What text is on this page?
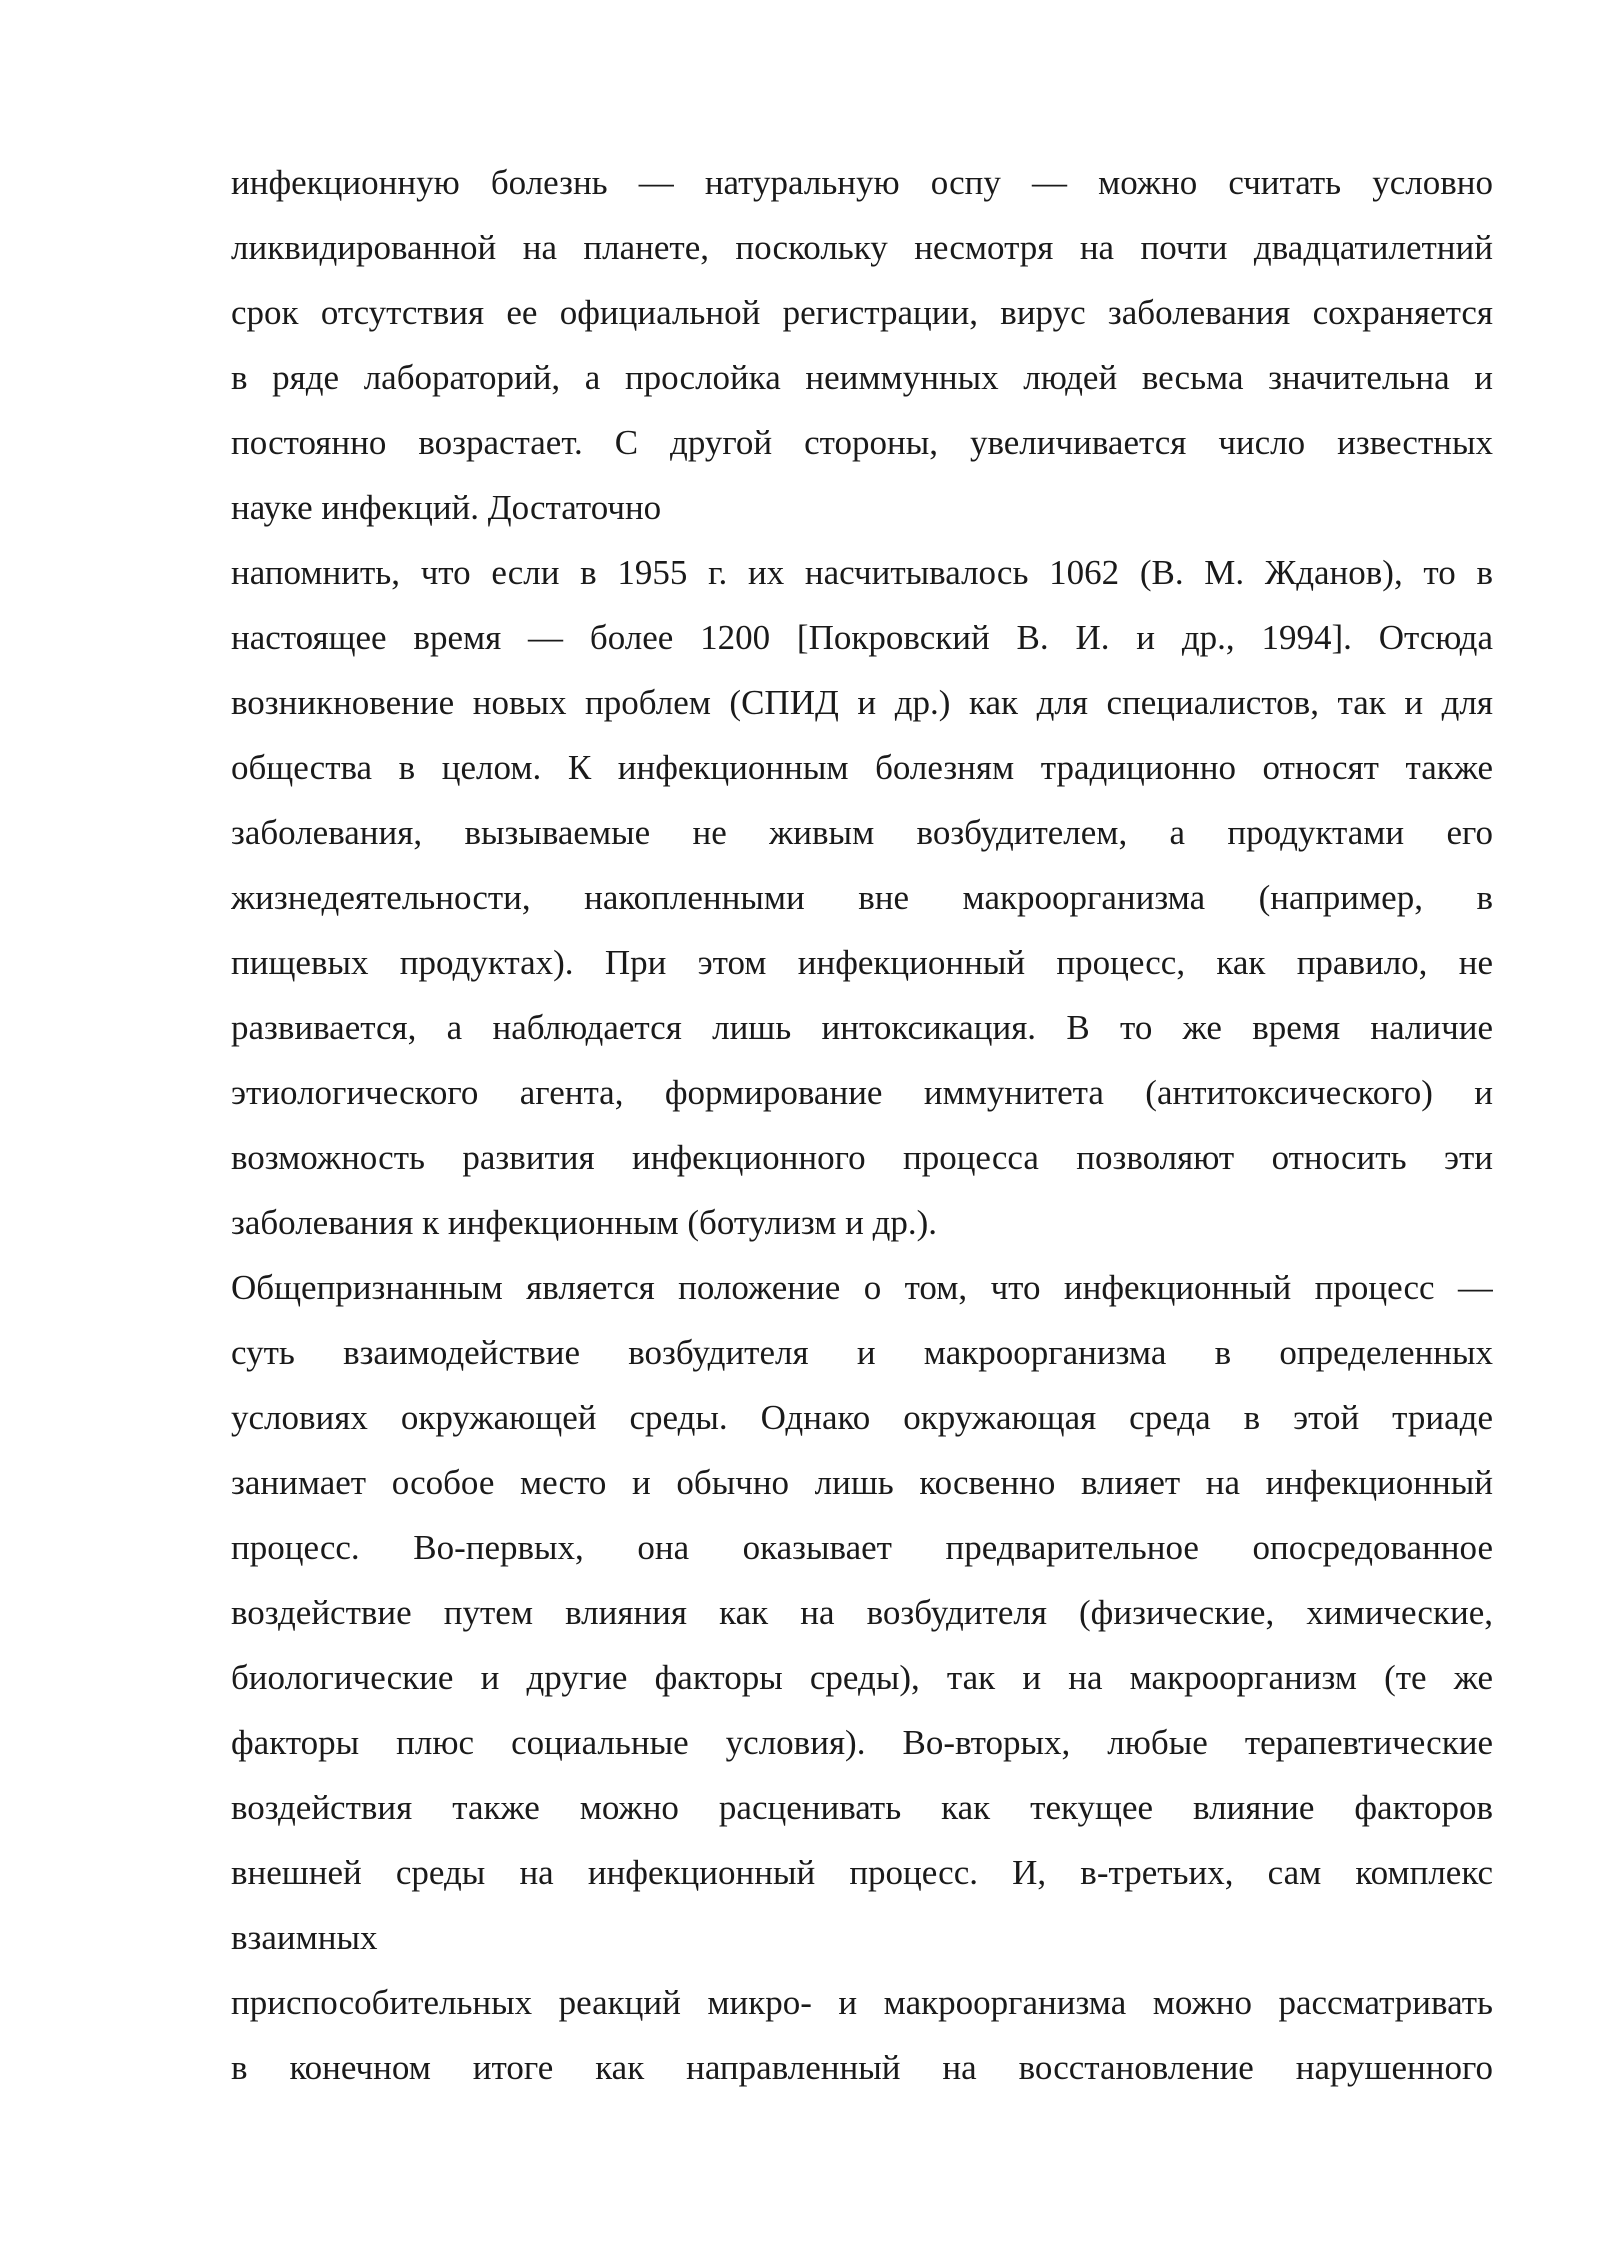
инфекционную болезнь — натуральную оспу — можно считать условно
ликвидированной на планете, поскольку несмотря на почти двадцатилетний
срок отсутствия ее официальной регистрации, вирус заболевания сохраняется
в ряде лабораторий, а прослойка неиммунных людей весьма значительна и
постоянно возрастает. С другой стороны, увеличивается число известных
науке инфекций. Достаточно
напомнить, что если в 1955 г. их насчитывалось 1062 (В. М. Жданов), то в
настоящее время — более 1200 [Покровский В. И. и др., 1994]. Отсюда
возникновение новых проблем (СПИД и др.) как для специалистов, так и для
общества в целом. К инфекционным болезням традиционно относят также
заболевания, вызываемые не живым возбудителем, а продуктами его
жизнедеятельности, накопленными вне макроорганизма (например, в
пищевых продуктах). При этом инфекционный процесс, как правило, не
развивается, а наблюдается лишь интоксикация. В то же время наличие
этиологического агента, формирование иммунитета (антитоксического) и
возможность развития инфекционного процесса позволяют относить эти
заболевания к инфекционным (ботулизм и др.).
Общепризнанным является положение о том, что инфекционный процесс —
суть взаимодействие возбудителя и макроорганизма в определенных
условиях окружающей среды. Однако окружающая среда в этой триаде
занимает особое место и обычно лишь косвенно влияет на инфекционный
процесс. Во-первых, она оказывает предварительное опосредованное
воздействие путем влияния как на возбудителя (физические, химические,
биологические и другие факторы среды), так и на макроорганизм (те же
факторы плюс социальные условия). Во-вторых, любые терапевтические
воздействия также можно расценивать как текущее влияние факторов
внешней среды на инфекционный процесс. И, в-третьих, сам комплекс
взаимных
приспособительных реакций микро- и макроорганизма можно рассматривать
в конечном итоге как направленный на восстановление нарушенного
